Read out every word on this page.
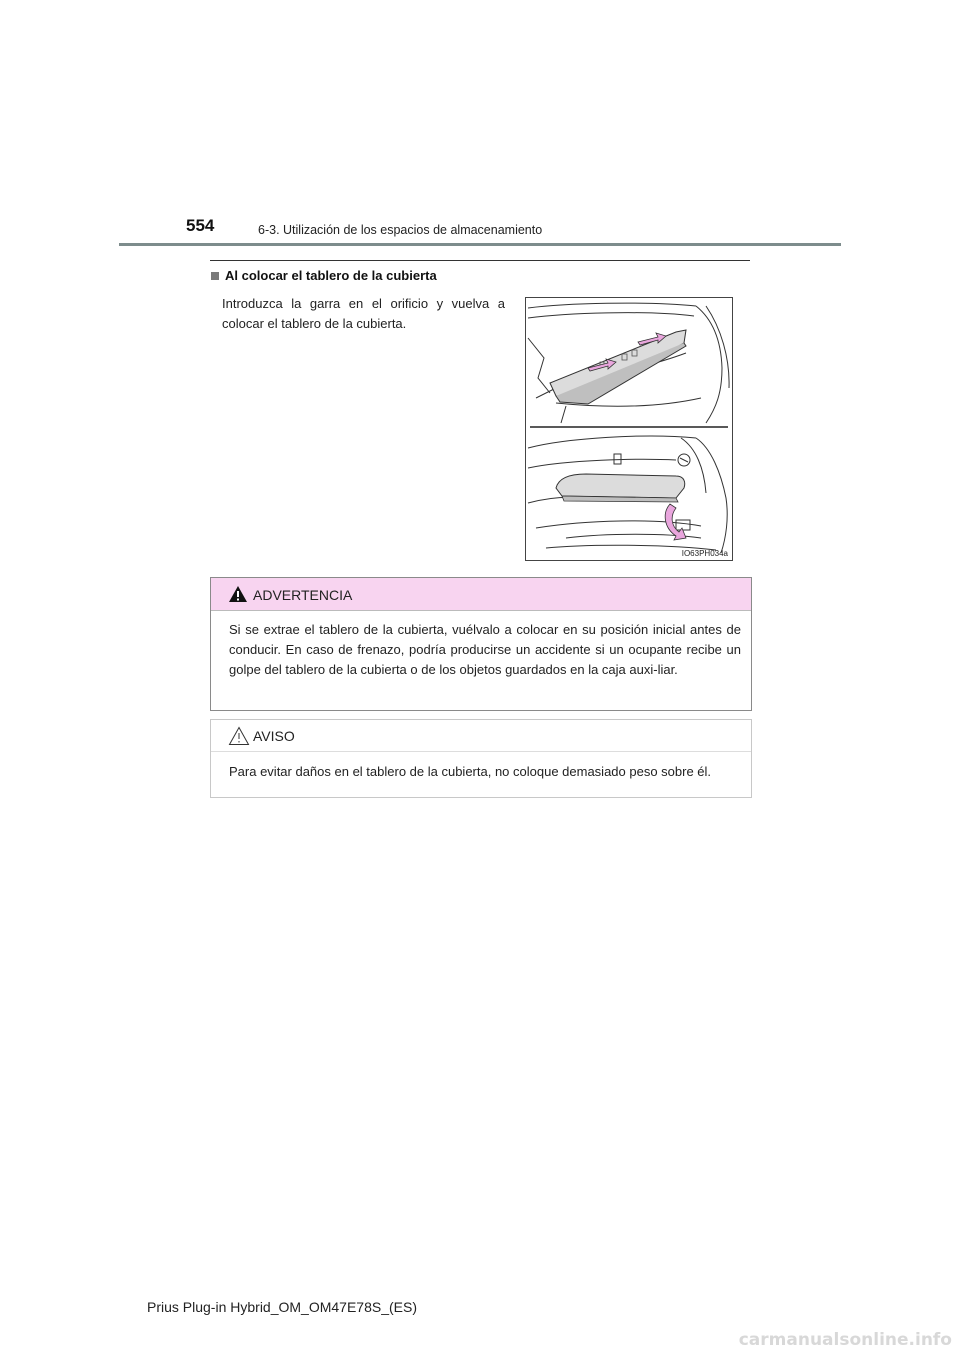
554	6-3. Utilización de los espacios de almacenamiento
Al colocar el tablero de la cubierta
Introduzca la garra en el orificio y vuelva a colocar el tablero de la cubierta.
IO63PH034a
ADVERTENCIA
Si se extrae el tablero de la cubierta, vuélvalo a colocar en su posición inicial antes de conducir. En caso de frenazo, podría producirse un accidente si un ocupante recibe un golpe del tablero de la cubierta o de los objetos guardados en la caja auxi-liar.
AVISO
Para evitar daños en el tablero de la cubierta, no coloque demasiado peso sobre él.
Prius Plug-in Hybrid_OM_OM47E78S_(ES)
carmanualsonline.info
